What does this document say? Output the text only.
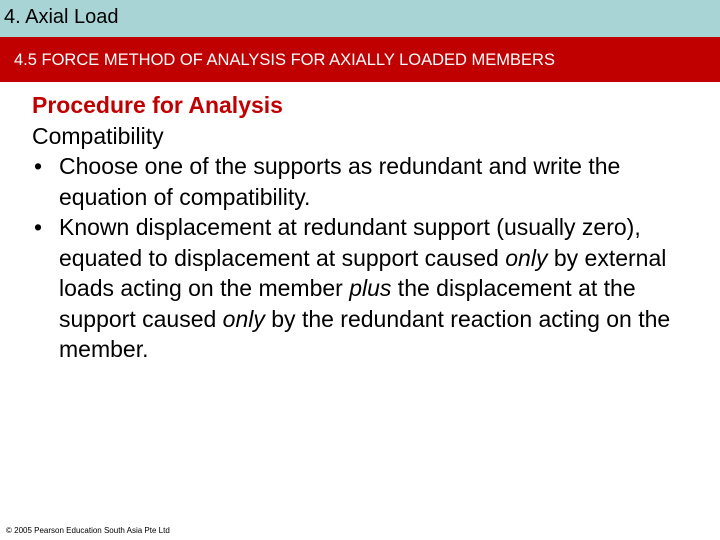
4. Axial Load
4.5 FORCE METHOD OF ANALYSIS FOR AXIALLY LOADED MEMBERS
Procedure for Analysis
Compatibility
• Choose one of the supports as redundant and write the equation of compatibility.
• Known displacement at redundant support (usually zero), equated to displacement at support caused only by external loads acting on the member plus the displacement at the support caused only by the redundant reaction acting on the member.
© 2005 Pearson Education South Asia Pte Ltd
